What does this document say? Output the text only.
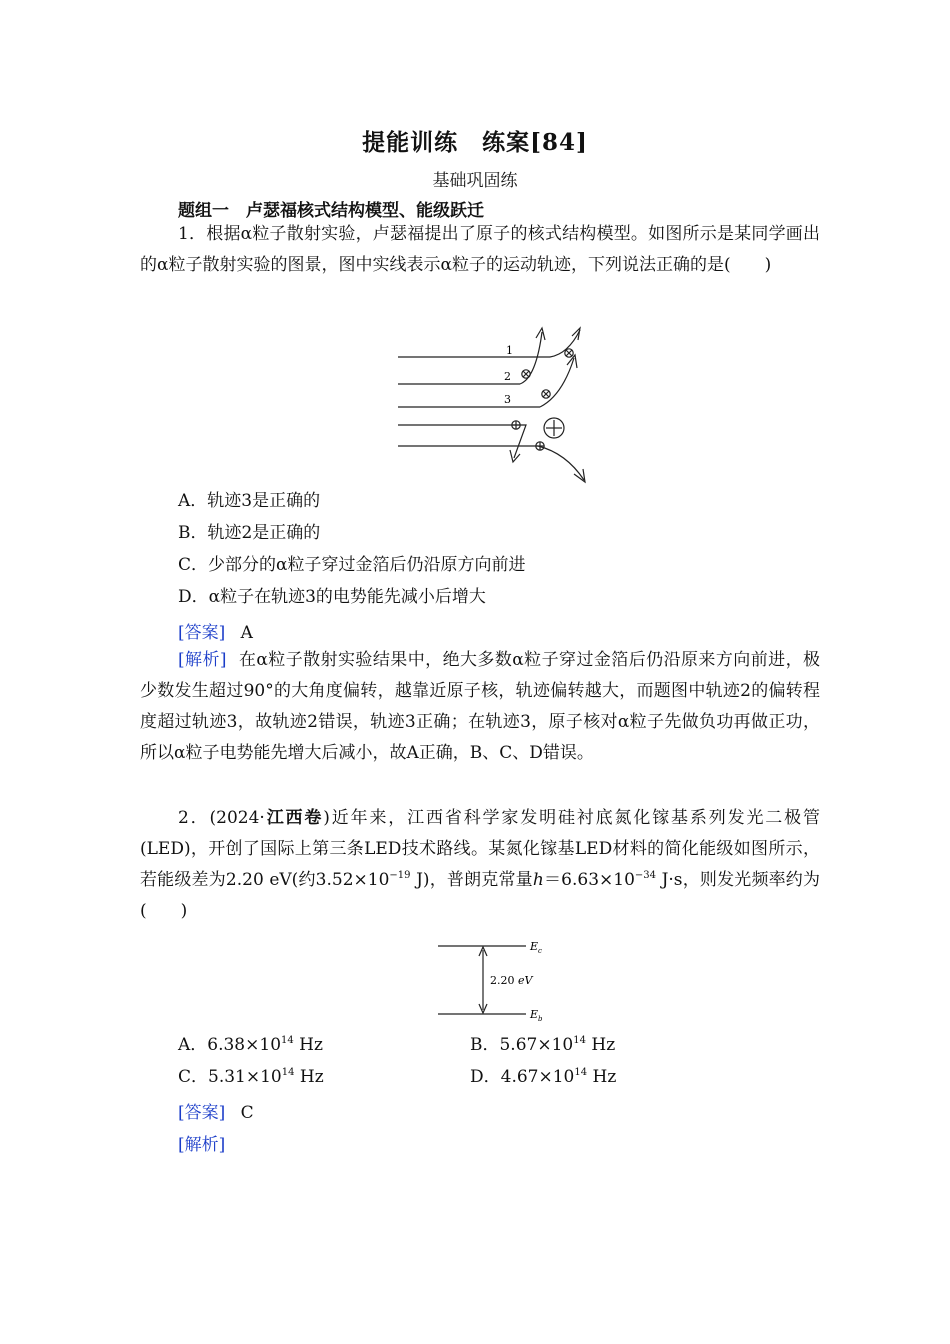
提能训练　练案[84]
基础巩固练
题组一　卢瑟福核式结构模型、能级跃迁
1．根据α粒子散射实验，卢瑟福提出了原子的核式结构模型。如图所示是某同学画出的α粒子散射实验的图景，图中实线表示α粒子的运动轨迹，下列说法正确的是(　　)
1
2
3
A．轨迹3是正确的
B．轨迹2是正确的
C．少部分的α粒子穿过金箔后仍沿原方向前进
D．α粒子在轨迹3的电势能先减小后增大
[答案] A
[解析] 在α粒子散射实验结果中，绝大多数α粒子穿过金箔后仍沿原来方向前进，极少数发生超过90°的大角度偏转，越靠近原子核，轨迹偏转越大，而题图中轨迹2的偏转程度超过轨迹3，故轨迹2错误，轨迹3正确；在轨迹3，原子核对α粒子先做负功再做正功，所以α粒子电势能先增大后减小，故A正确，B、C、D错误。
2．(2024·江西卷)近年来，江西省科学家发明硅衬底氮化镓基系列发光二极管(LED)，开创了国际上第三条LED技术路线。某氮化镓基LED材料的简化能级如图所示，若能级差为2.20 eV(约$3.52\times 10^{-19}$ J)，普朗克常量$h=6.63\times 10^{-34}$ J·s，则发光频率约为(　　)
$E_c$
$E_b$
2.20 eV
A．$6.38\times 10^{14}$ Hz	B．$5.67\times 10^{14}$ Hz
C．$5.31\times 10^{14}$ Hz	D．$4.67\times 10^{14}$ Hz
[答案] C
[解析]
